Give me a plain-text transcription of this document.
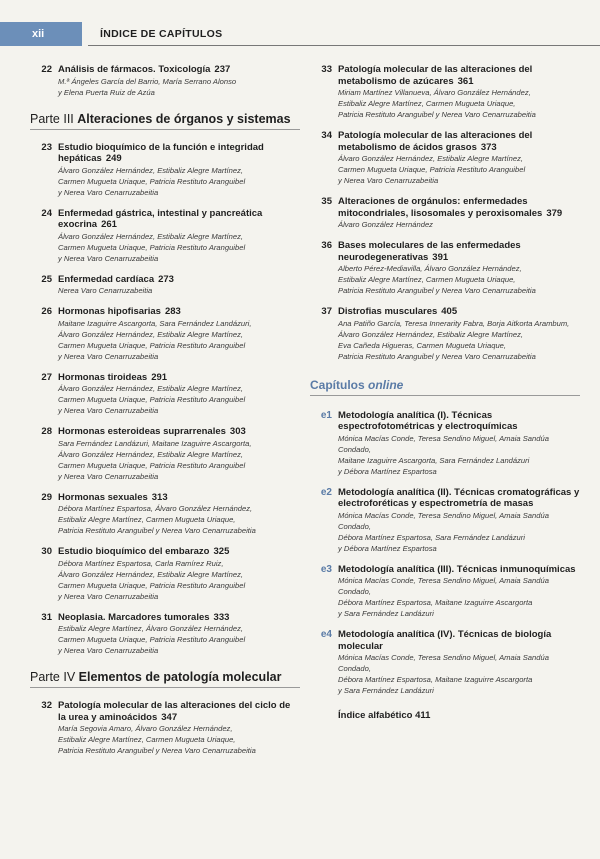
xii	ÍNDICE DE CAPÍTULOS
22 Análisis de fármacos. Toxicología 237
M.ª Ángeles García del Barrio, María Serrano Alonso
y Elena Puerta Ruiz de Azúa
Parte III Alteraciones de órganos y sistemas
23 Estudio bioquímico de la función e integridad hepáticas 249
Álvaro González Hernández, Estibaliz Alegre Martínez,
Carmen Mugueta Uriaque, Patricia Restituto Aranguibel
y Nerea Varo Cenarruzabeitia
24 Enfermedad gástrica, intestinal y pancreática exocrina 261
Álvaro González Hernández, Estibaliz Alegre Martínez,
Carmen Mugueta Uriaque, Patricia Restituto Aranguibel
y Nerea Varo Cenarruzabeitia
25 Enfermedad cardíaca 273
Nerea Varo Cenarruzabeitia
26 Hormonas hipofisarias 283
Maitane Izaguirre Ascargorta, Sara Fernández Landázuri,
Álvaro González Hernández, Estibaliz Alegre Martínez,
Carmen Mugueta Uriaque, Patricia Restituto Aranguibel
y Nerea Varo Cenarruzabeitia
27 Hormonas tiroideas 291
Álvaro González Hernández, Estibaliz Alegre Martínez,
Carmen Mugueta Uriaque, Patricia Restituto Aranguibel
y Nerea Varo Cenarruzabeitia
28 Hormonas esteroideas suprarrenales 303
Sara Fernández Landázuri, Maitane Izaguirre Ascargorta,
Álvaro González Hernández, Estibaliz Alegre Martínez,
Carmen Mugueta Uriaque, Patricia Restituto Aranguibel
y Nerea Varo Cenarruzabeitia
29 Hormonas sexuales 313
Débora Martínez Espartosa, Álvaro González Hernández,
Estibaliz Alegre Martínez, Carmen Mugueta Uriaque,
Patricia Restituto Aranguibel y Nerea Varo Cenarruzabeitia
30 Estudio bioquímico del embarazo 325
Débora Martínez Espartosa, Carla Ramírez Ruiz,
Álvaro González Hernández, Estibaliz Alegre Martínez,
Carmen Mugueta Uriaque, Patricia Restituto Aranguibel
y Nerea Varo Cenarruzabeitia
31 Neoplasia. Marcadores tumorales 333
Estibaliz Alegre Martínez, Álvaro González Hernández,
Carmen Mugueta Uriaque, Patricia Restituto Aranguibel
y Nerea Varo Cenarruzabeitia
Parte IV Elementos de patología molecular
32 Patología molecular de las alteraciones del ciclo de la urea y aminoácidos 347
María Segovia Amaro, Álvaro González Hernández,
Estibaliz Alegre Martínez, Carmen Mugueta Uriaque,
Patricia Restituto Aranguibel y Nerea Varo Cenarruzabeitia
33 Patología molecular de las alteraciones del metabolismo de azúcares 361
Miriam Martínez Villanueva, Álvaro González Hernández,
Estibaliz Alegre Martínez, Carmen Mugueta Uriaque,
Patricia Restituto Aranguibel y Nerea Varo Cenarruzabeitia
34 Patología molecular de las alteraciones del metabolismo de ácidos grasos 373
Álvaro González Hernández, Estibaliz Alegre Martínez,
Carmen Mugueta Uriaque, Patricia Restituto Aranguibel
y Nerea Varo Cenarruzabeitia
35 Alteraciones de orgánulos: enfermedades mitocondriales, lisosomales y peroxisomales 379
Álvaro González Hernández
36 Bases moleculares de las enfermedades neurodegenerativas 391
Alberto Pérez-Mediavilla, Álvaro González Hernández,
Estibaliz Alegre Martínez, Carmen Mugueta Uriaque,
Patricia Restituto Aranguibel y Nerea Varo Cenarruzabeitia
37 Distrofias musculares 405
Ana Patiño García, Teresa Innerarity Fabra, Borja Aitkorta Arambum,
Álvaro González Hernández, Estibaliz Alegre Martínez,
Eva Cañeda Higueras, Carmen Mugueta Uriaque,
Patricia Restituto Aranguibel y Nerea Varo Cenarruzabeitia
Capítulos online
e1 Metodología analítica (I). Técnicas espectrofotométricas y electroquímicas
Mónica Macías Conde, Teresa Sendino Miguel, Amaia Sandúa Condado,
Maitane Izaguirre Ascargorta, Sara Fernández Landázuri
y Débora Martínez Espartosa
e2 Metodología analítica (II). Técnicas cromatográficas y electroforéticas y espectrometría de masas
Mónica Macías Conde, Teresa Sendino Miguel, Amaia Sandúa Condado,
Débora Martínez Espartosa, Sara Fernández Landázuri
y Débora Martínez Espartosa
e3 Metodología analítica (III). Técnicas inmunoquímicas
Mónica Macías Conde, Teresa Sendino Miguel, Amaia Sandúa Condado,
Débora Martínez Espartosa, Maitane Izaguirre Ascargorta
y Sara Fernández Landázuri
e4 Metodología analítica (IV). Técnicas de biología molecular
Mónica Macías Conde, Teresa Sendino Miguel, Amaia Sandúa Condado,
Débora Martínez Espartosa, Maitane Izaguirre Ascargorta
y Sara Fernández Landázuri
Índice alfabético 411
